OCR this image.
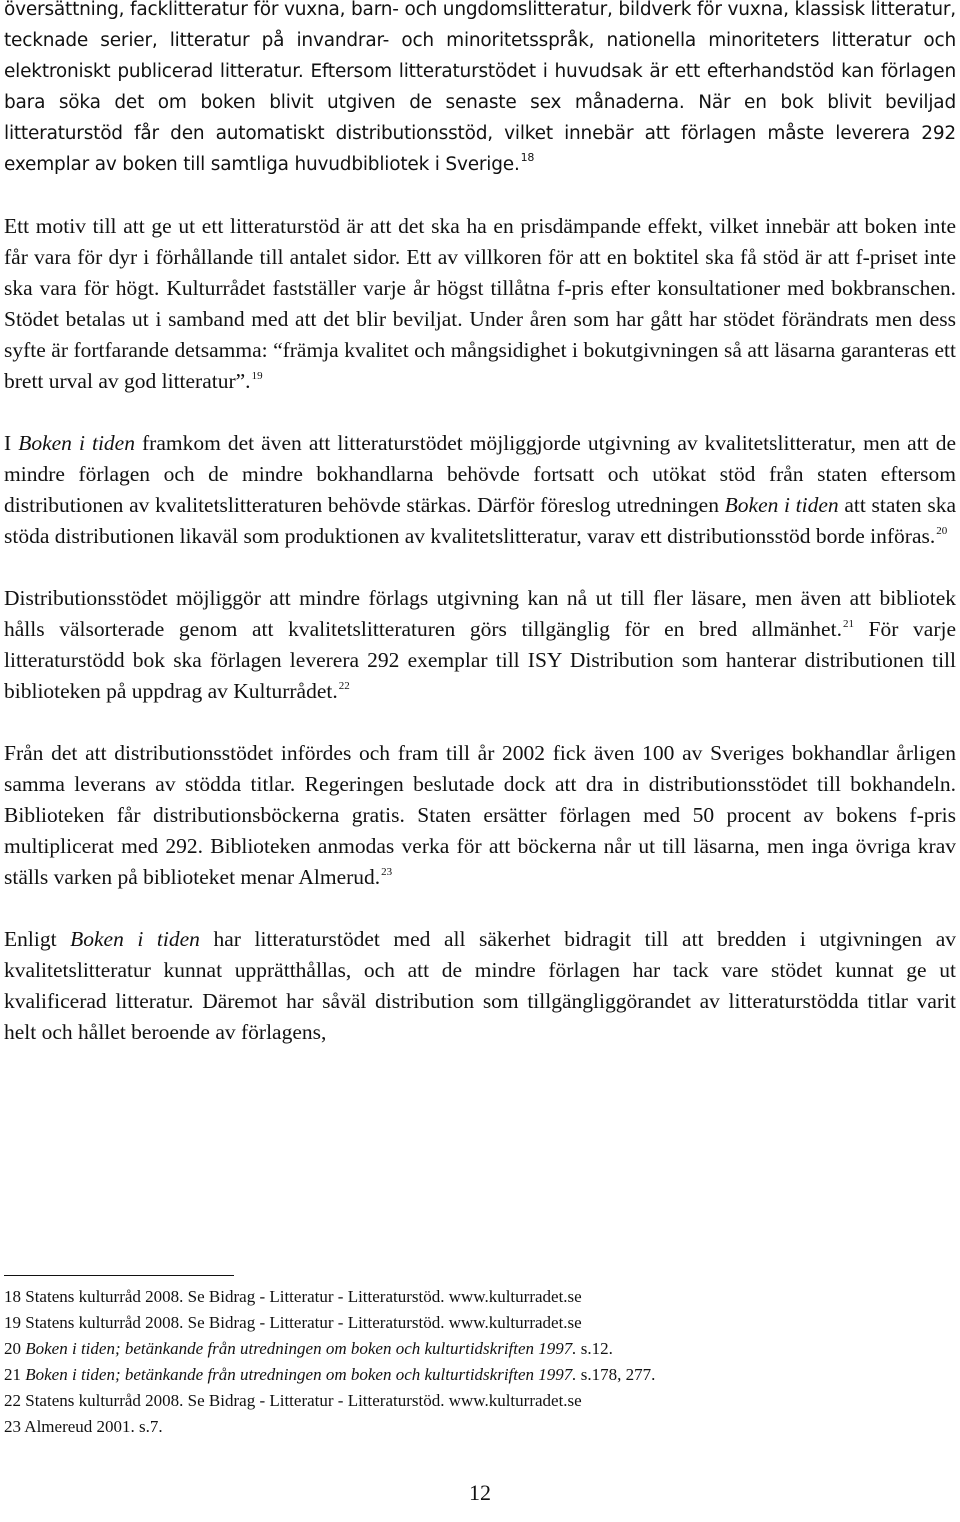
översättning, facklitteratur för vuxna, barn- och ungdomslitteratur, bildverk för vuxna, klassisk litteratur, tecknade serier, litteratur på invandrar- och minoritetsspråk, nationella minoriteters litteratur och elektroniskt publicerad litteratur. Eftersom litteraturstödet i huvudsak är ett efterhandstöd kan förlagen bara söka det om boken blivit utgiven de senaste sex månaderna. När en bok blivit beviljad litteraturstöd får den automatiskt distributionsstöd, vilket innebär att förlagen måste leverera 292 exemplar av boken till samtliga huvudbibliotek i Sverige.$^{18}$

Ett motiv till att ge ut ett litteraturstöd är att det ska ha en prisdämpande effekt, vilket innebär att boken inte får vara för dyr i förhållande till antalet sidor. Ett av villkoren för att en boktitel ska få stöd är att f-priset inte ska vara för högt. Kulturrådet fastställer varje år högst tillåtna f-pris efter konsultationer med bokbranschen. Stödet betalas ut i samband med att det blir beviljat. Under åren som har gått har stödet förändrats men dess syfte är fortfarande detsamma: “främja kvalitet och mångsidighet i bokutgivningen så att läsarna garanteras ett brett urval av god litteratur”.$^{19}$

I Boken i tiden framkom det även att litteraturstödet möjliggjorde utgivning av kvalitetslitteratur, men att de mindre förlagen och de mindre bokhandlarna behövde fortsatt och utökat stöd från staten eftersom distributionen av kvalitetslitteraturen behövde stärkas. Därför föreslog utredningen Boken i tiden att staten ska stöda distributionen likaväl som produktionen av kvalitetslitteratur, varav ett distributionsstöd borde införas.$^{20}$

Distributionsstödet möjliggör att mindre förlags utgivning kan nå ut till fler läsare, men även att bibliotek hålls välsorterade genom att kvalitetslitteraturen görs tillgänglig för en bred allmänhet.$^{21}$ För varje litteraturstödd bok ska förlagen leverera 292 exemplar till ISY Distribution som hanterar distributionen till biblioteken på uppdrag av Kulturrådet.$^{22}$

Från det att distributionsstödet infördes och fram till år 2002 fick även 100 av Sveriges bokhandlar årligen samma leverans av stödda titlar. Regeringen beslutade dock att dra in distributionsstödet till bokhandeln. Biblioteken får distributionsböckerna gratis. Staten ersätter förlagen med 50 procent av bokens f-pris multiplicerat med 292. Biblioteken anmodas verka för att böckerna når ut till läsarna, men inga övriga krav ställs varken på biblioteket menar Almerud.$^{23}$

Enligt Boken i tiden har litteraturstödet med all säkerhet bidragit till att bredden i utgivningen av kvalitetslitteratur kunnat upprätthållas, och att de mindre förlagen har tack vare stödet kunnat ge ut kvalificerad litteratur. Däremot har såväl distribution som tillgängliggörandet av litteraturstödda titlar varit helt och hållet beroende av förlagens,

18 Statens kulturråd 2008. Se Bidrag - Litteratur - Litteraturstöd. www.kulturradet.se
19 Statens kulturråd 2008. Se Bidrag - Litteratur - Litteraturstöd. www.kulturradet.se
20 Boken i tiden; betänkande från utredningen om boken och kulturtidskriften 1997. s.12.
21 Boken i tiden; betänkande från utredningen om boken och kulturtidskriften 1997. s.178, 277.
22 Statens kulturråd 2008. Se Bidrag - Litteratur - Litteraturstöd. www.kulturradet.se
23 Almereud 2001. s.7.
12
